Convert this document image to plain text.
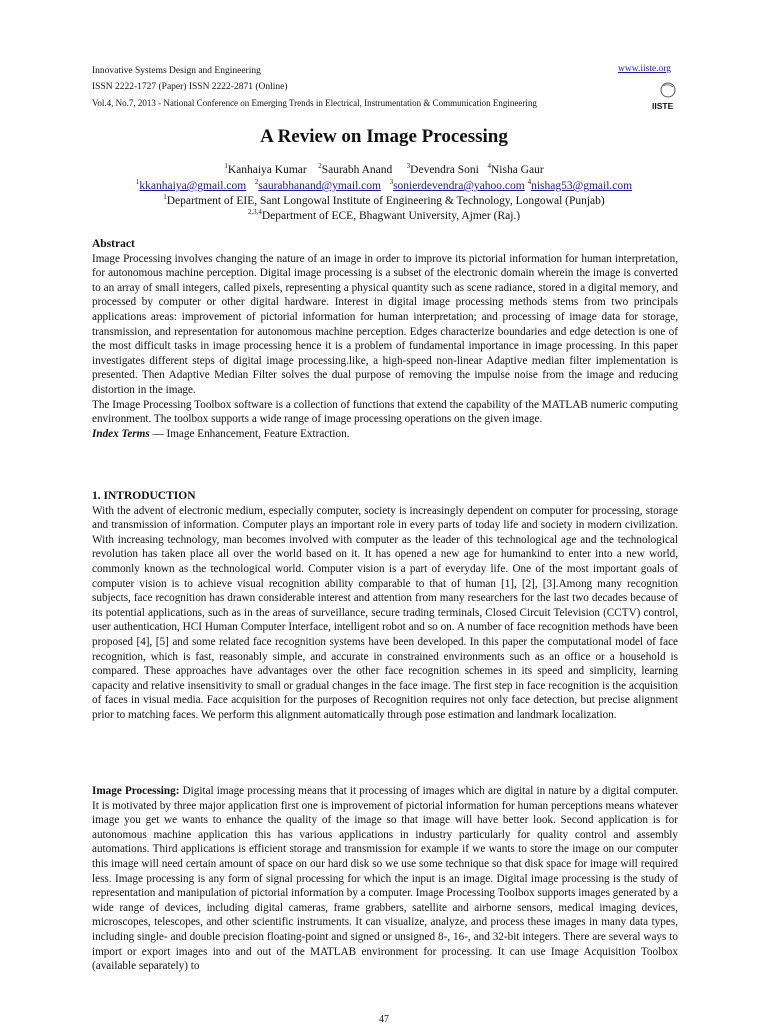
Innovative Systems Design and Engineering
ISSN 2222-1727 (Paper) ISSN 2222-2871 (Online)
Vol.4, No.7, 2013 - National Conference on Emerging Trends in Electrical, Instrumentation & Communication Engineering
www.iiste.org
IISTE
A Review on Image Processing
$^1$Kanhaiya Kumar $^2$Saurabh Anand $^3$Devendra Soni $^4$Nisha Gaur
$^1$kkanhaiya@gmail.com $^2$saurabhanand@ymail.com $^3$sonierdevendra@yahoo.com $^4$nishag53@gmail.com
$^1$Department of EIE, Sant Longowal Institute of Engineering & Technology, Longowal (Punjab)
$^{2,3,4}$Department of ECE, Bhagwant University, Ajmer (Raj.)

Abstract

Image Processing involves changing the nature of an image in order to improve its pictorial information for human interpretation, for autonomous machine perception. Digital image processing is a subset of the electronic domain wherein the image is converted to an array of small integers, called pixels, representing a physical quantity such as scene radiance, stored in a digital memory, and processed by computer or other digital hardware. Interest in digital image processing methods stems from two principals applications areas: improvement of pictorial information for human interpretation; and processing of image data for storage, transmission, and representation for autonomous machine perception. Edges characterize boundaries and edge detection is one of the most difficult tasks in image processing hence it is a problem of fundamental importance in image processing. In this paper investigates different steps of digital image processing.like, a high-speed non-linear Adaptive median filter implementation is presented. Then Adaptive Median Filter solves the dual purpose of removing the impulse noise from the image and reducing distortion in the image.

The Image Processing Toolbox software is a collection of functions that extend the capability of the MATLAB numeric computing environment. The toolbox supports a wide range of image processing operations on the given image.

Index Terms — Image Enhancement, Feature Extraction.

1. INTRODUCTION

With the advent of electronic medium, especially computer, society is increasingly dependent on computer for processing, storage and transmission of information. Computer plays an important role in every parts of today life and society in modern civilization. With increasing technology, man becomes involved with computer as the leader of this technological age and the technological revolution has taken place all over the world based on it. It has opened a new age for humankind to enter into a new world, commonly known as the technological world. Computer vision is a part of everyday life. One of the most important goals of computer vision is to achieve visual recognition ability comparable to that of human [1], [2], [3].Among many recognition subjects, face recognition has drawn considerable interest and attention from many researchers for the last two decades because of its potential applications, such as in the areas of surveillance, secure trading terminals, Closed Circuit Television (CCTV) control, user authentication, HCI Human Computer Interface, intelligent robot and so on. A number of face recognition methods have been proposed [4], [5] and some related face recognition systems have been developed. In this paper the computational model of face recognition, which is fast, reasonably simple, and accurate in constrained environments such as an office or a household is compared. These approaches have advantages over the other face recognition schemes in its speed and simplicity, learning capacity and relative insensitivity to small or gradual changes in the face image. The first step in face recognition is the acquisition of faces in visual media. Face acquisition for the purposes of Recognition requires not only face detection, but precise alignment prior to matching faces. We perform this alignment automatically through pose estimation and landmark localization.

Image Processing: Digital image processing means that it processing of images which are digital in nature by a digital computer. It is motivated by three major application first one is improvement of pictorial information for human perceptions means whatever image you get we wants to enhance the quality of the image so that image will have better look. Second application is for autonomous machine application this has various applications in industry particularly for quality control and assembly automations. Third applications is efficient storage and transmission for example if we wants to store the image on our computer this image will need certain amount of space on our hard disk so we use some technique so that disk space for image will required less. Image processing is any form of signal processing for which the input is an image. Digital image processing is the study of representation and manipulation of pictorial information by a computer. Image Processing Toolbox supports images generated by a wide range of devices, including digital cameras, frame grabbers, satellite and airborne sensors, medical imaging devices, microscopes, telescopes, and other scientific instruments. It can visualize, analyze, and process these images in many data types, including single- and double precision floating-point and signed or unsigned 8-, 16-, and 32-bit integers. There are several ways to import or export images into and out of the MATLAB environment for processing. It can use Image Acquisition Toolbox (available separately) to

47
